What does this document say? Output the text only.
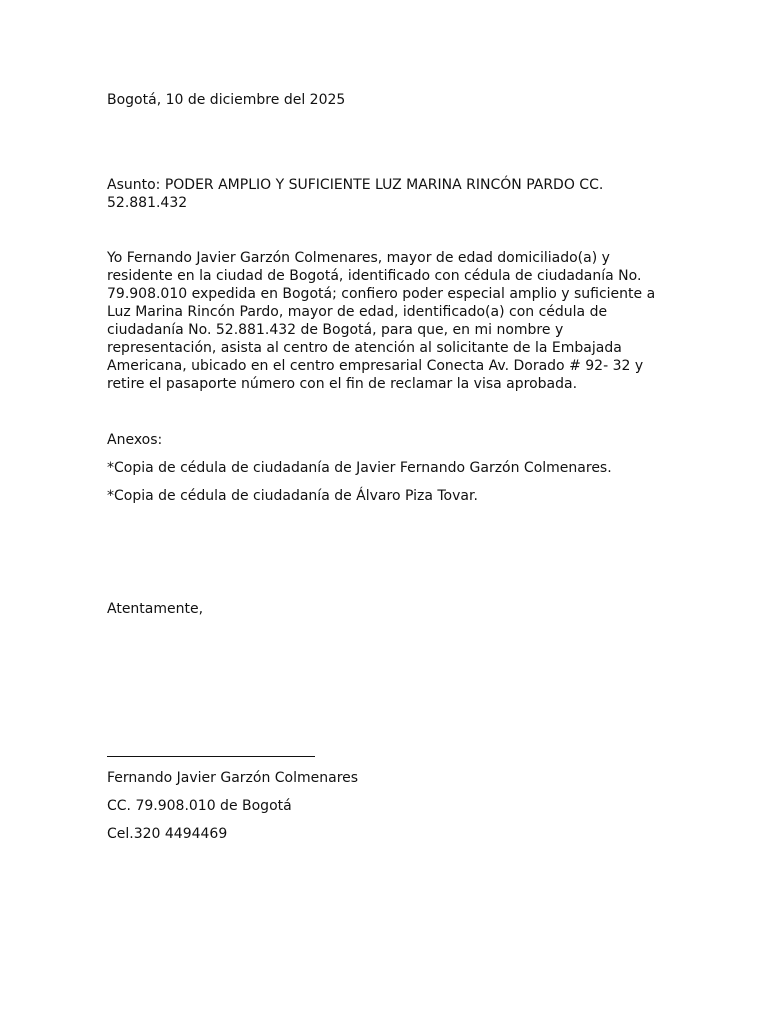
Bogotá, 10 de diciembre del 2025
Asunto: PODER AMPLIO Y SUFICIENTE LUZ MARINA RINCÓN PARDO CC.
52.881.432
Yo Fernando Javier Garzón Colmenares, mayor de edad domiciliado(a) y
residente en la ciudad de Bogotá, identificado con cédula de ciudadanía No.
79.908.010 expedida en Bogotá; confiero poder especial amplio y suficiente a
Luz Marina Rincón Pardo, mayor de edad, identificado(a) con cédula de
ciudadanía No. 52.881.432 de Bogotá, para que, en mi nombre y
representación, asista al centro de atención al solicitante de la Embajada
Americana, ubicado en el centro empresarial Conecta Av. Dorado # 92- 32 y
retire el pasaporte número con el fin de reclamar la visa aprobada.
Anexos:
*Copia de cédula de ciudadanía de Javier Fernando Garzón Colmenares.
*Copia de cédula de ciudadanía de Álvaro Piza Tovar.
Atentamente,
Fernando Javier Garzón Colmenares
CC. 79.908.010 de Bogotá
Cel.320 4494469
